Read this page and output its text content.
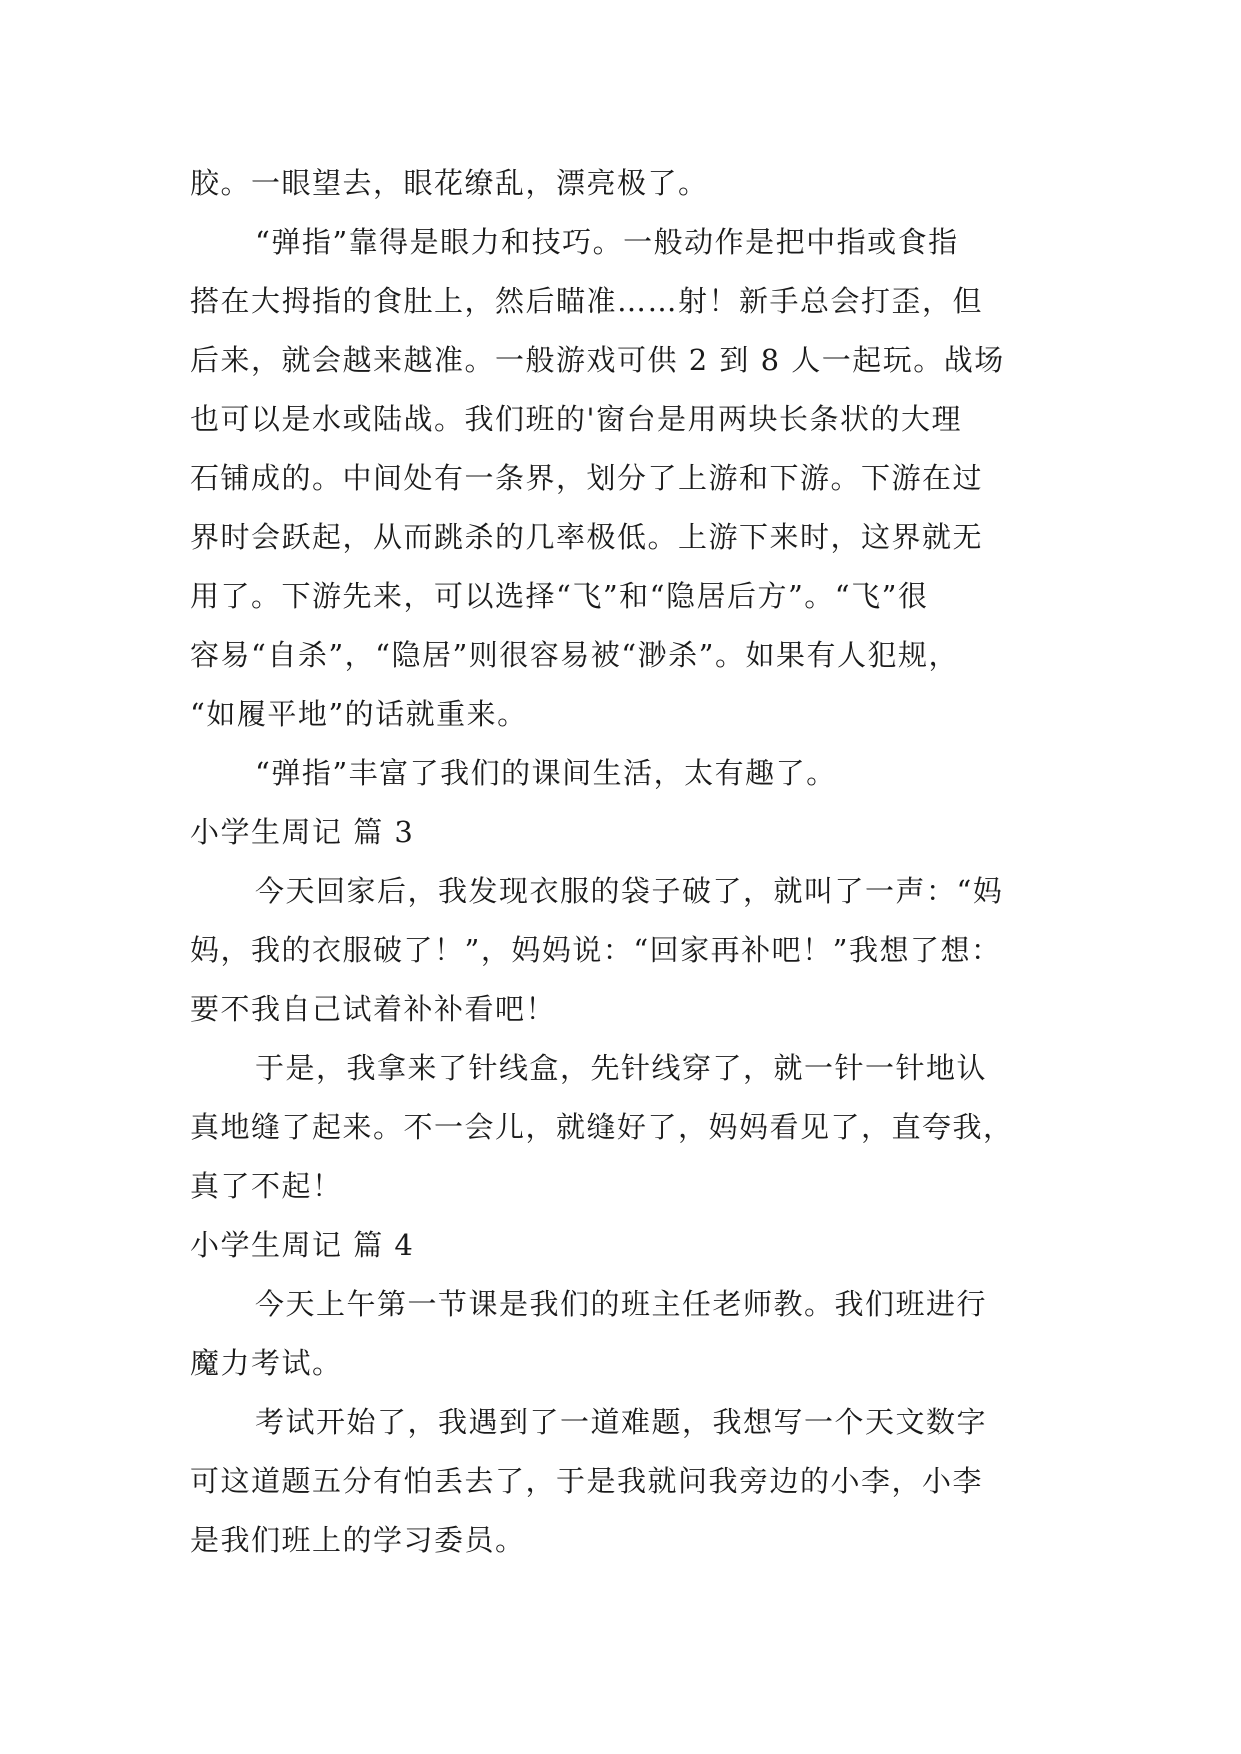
胶。一眼望去，眼花缭乱，漂亮极了。
“弹指”靠得是眼力和技巧。一般动作是把中指或食指
搭在大拇指的食肚上，然后瞄准……射！新手总会打歪，但
后来，就会越来越准。一般游戏可供 2 到 8 人一起玩。战场
也可以是水或陆战。我们班的'窗台是用两块长条状的大理
石铺成的。中间处有一条界，划分了上游和下游。下游在过
界时会跃起，从而跳杀的几率极低。上游下来时，这界就无
用了。下游先来，可以选择“飞”和“隐居后方”。“飞”很
容易“自杀”，“隐居”则很容易被“渺杀”。如果有人犯规，
“如履平地”的话就重来。
“弹指”丰富了我们的课间生活，太有趣了。
小学生周记 篇 3
今天回家后，我发现衣服的袋子破了，就叫了一声：“妈
妈，我的衣服破了！”，妈妈说：“回家再补吧！”我想了想：
要不我自己试着补补看吧！
于是，我拿来了针线盒，先针线穿了，就一针一针地认
真地缝了起来。不一会儿，就缝好了，妈妈看见了，直夸我，
真了不起！
小学生周记 篇 4
今天上午第一节课是我们的班主任老师教。我们班进行
魔力考试。
考试开始了，我遇到了一道难题，我想写一个天文数字
可这道题五分有怕丢去了，于是我就问我旁边的小李，小李
是我们班上的学习委员。
